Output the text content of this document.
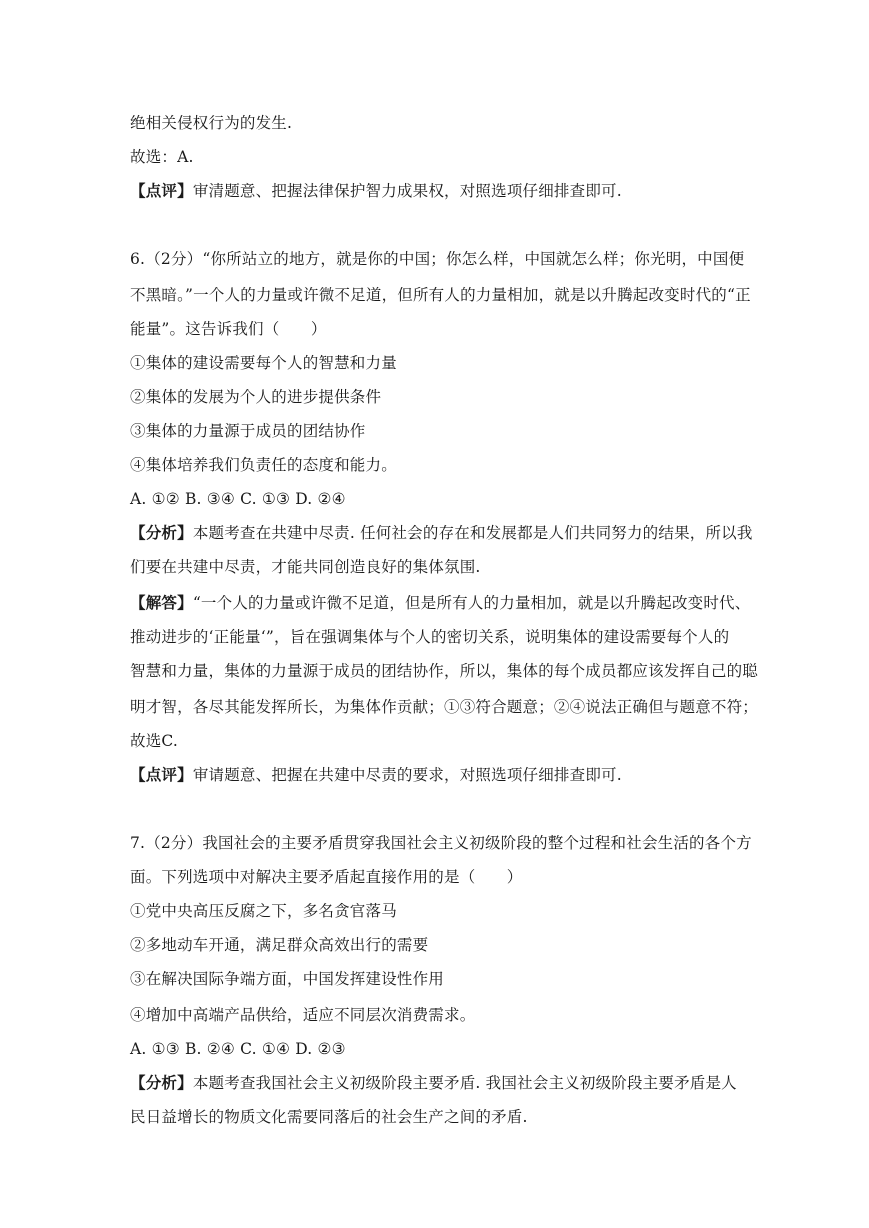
绝相关侵权行为的发生.
故选：A.
【点评】审清题意、把握法律保护智力成果权，对照选项仔细排查即可.
6.（2分）“你所站立的地方，就是你的中国；你怎么样，中国就怎么样；你光明，中国便
不黑暗。”一个人的力量或许微不足道，但所有人的力量相加，就是以升腾起改变时代的“正
能量”。这告诉我们（　　）
①集体的建设需要每个人的智慧和力量
②集体的发展为个人的进步提供条件
③集体的力量源于成员的团结协作
④集体培养我们负责任的态度和能力。
A. ①② B. ③④ C. ①③ D. ②④
【分析】本题考查在共建中尽责. 任何社会的存在和发展都是人们共同努力的结果，所以我
们要在共建中尽责，才能共同创造良好的集体氛围.
【解答】“一个人的力量或许微不足道，但是所有人的力量相加，就是以升腾起改变时代、
推动进步的‘正能量‘”，旨在强调集体与个人的密切关系，说明集体的建设需要每个人的
智慧和力量，集体的力量源于成员的团结协作，所以，集体的每个成员都应该发挥自己的聪
明才智，各尽其能发挥所长，为集体作贡献；①③符合题意；②④说法正确但与题意不符；
故选C.
【点评】审请题意、把握在共建中尽责的要求，对照选项仔细排查即可.
7.（2分）我国社会的主要矛盾贯穿我国社会主义初级阶段的整个过程和社会生活的各个方
面。下列选项中对解决主要矛盾起直接作用的是（　　）
①党中央高压反腐之下，多名贪官落马
②多地动车开通，满足群众高效出行的需要
③在解决国际争端方面，中国发挥建设性作用
④增加中高端产品供给，适应不同层次消费需求。
A. ①③ B. ②④ C. ①④ D. ②③
【分析】本题考查我国社会主义初级阶段主要矛盾. 我国社会主义初级阶段主要矛盾是人
民日益增长的物质文化需要同落后的社会生产之间的矛盾.
